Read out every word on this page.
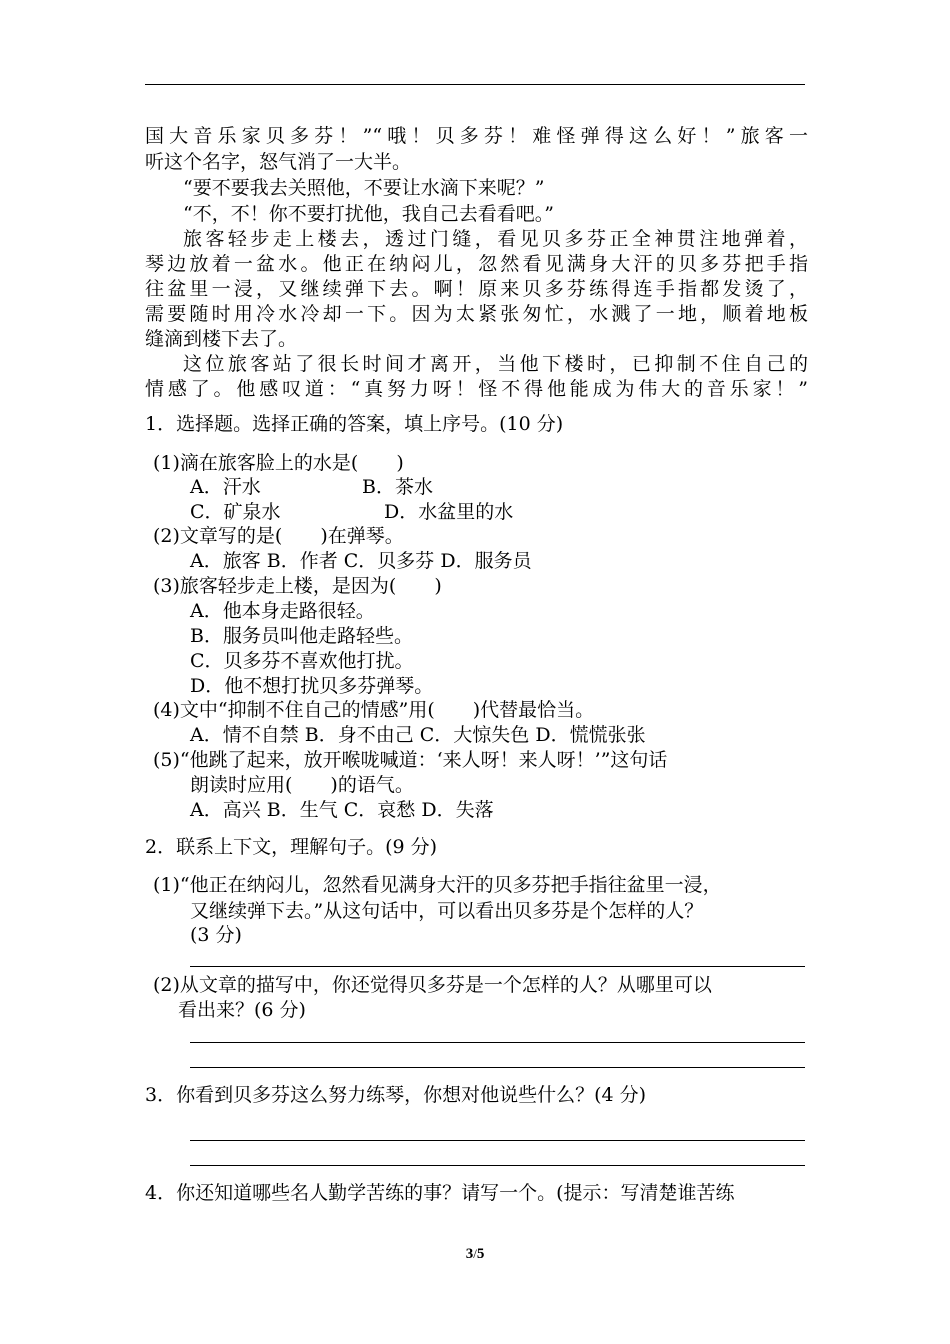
国大音乐家贝多芬！”“哦！贝多芬！难怪弹得这么好！”旅客一
听这个名字，怒气消了一大半。
“要不要我去关照他，不要让水滴下来呢？”
“不，不！你不要打扰他，我自己去看看吧。”
旅客轻步走上楼去，透过门缝，看见贝多芬正全神贯注地弹着，
琴边放着一盆水。他正在纳闷儿，忽然看见满身大汗的贝多芬把手指
往盆里一浸，又继续弹下去。啊！原来贝多芬练得连手指都发烫了，
需要随时用冷水冷却一下。因为太紧张匆忙，水溅了一地，顺着地板
缝滴到楼下去了。
这位旅客站了很长时间才离开，当他下楼时，已抑制不住自己的
情感了。他感叹道：“真努力呀！怪不得他能成为伟大的音乐家！”
1．选择题。选择正确的答案，填上序号。(10 分)
(1)滴在旅客脸上的水是(　　)
A．汗水	B．茶水
C．矿泉水	D．水盆里的水
(2)文章写的是(　　)在弹琴。
A．旅客 B．作者 C．贝多芬 D．服务员
(3)旅客轻步走上楼，是因为(　　)
A．他本身走路很轻。
B．服务员叫他走路轻些。
C．贝多芬不喜欢他打扰。
D．他不想打扰贝多芬弹琴。
(4)文中“抑制不住自己的情感”用(　　)代替最恰当。
A．情不自禁 B．身不由己 C．大惊失色 D．慌慌张张
(5)“他跳了起来，放开喉咙喊道：‘来人呀！来人呀！’”这句话
朗读时应用(　　)的语气。
A．高兴 B．生气 C．哀愁 D．失落
2．联系上下文，理解句子。(9 分)
(1)“他正在纳闷儿，忽然看见满身大汗的贝多芬把手指往盆里一浸，
又继续弹下去。”从这句话中，可以看出贝多芬是个怎样的人？
(3 分)
(2)从文章的描写中，你还觉得贝多芬是一个怎样的人？从哪里可以
看出来？(6 分)
3．你看到贝多芬这么努力练琴，你想对他说些什么？(4 分)
4．你还知道哪些名人勤学苦练的事？请写一个。(提示：写清楚谁苦练
3/5
